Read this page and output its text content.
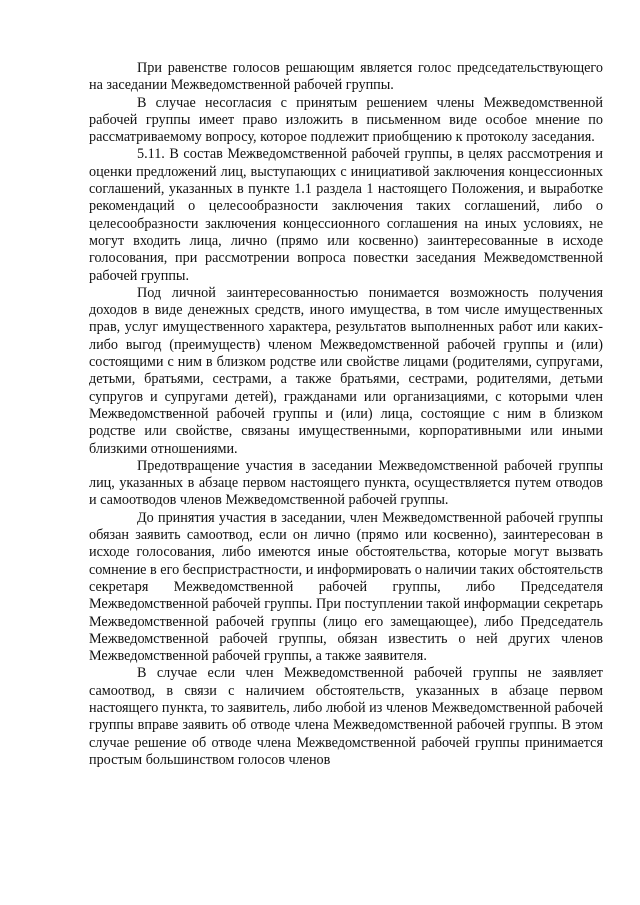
При равенстве голосов решающим является голос председательствующего на заседании Межведомственной рабочей группы.

В случае несогласия с принятым решением члены Межведомственной рабочей группы имеет право изложить в письменном виде особое мнение по рассматриваемому вопросу, которое подлежит приобщению к протоколу заседания.

5.11. В состав Межведомственной рабочей группы, в целях рассмотрения и оценки предложений лиц, выступающих с инициативой заключения концессионных соглашений, указанных в пункте 1.1 раздела 1 настоящего Положения, и выработке рекомендаций о целесообразности заключения таких соглашений, либо о целесообразности заключения концессионного соглашения на иных условиях, не могут входить лица, лично (прямо или косвенно) заинтересованные в исходе голосования, при рассмотрении вопроса повестки заседания Межведомственной рабочей группы.

Под личной заинтересованностью понимается возможность получения доходов в виде денежных средств, иного имущества, в том числе имущественных прав, услуг имущественного характера, результатов выполненных работ или каких-либо выгод (преимуществ) членом Межведомственной рабочей группы и (или) состоящими с ним в близком родстве или свойстве лицами (родителями, супругами, детьми, братьями, сестрами, а также братьями, сестрами, родителями, детьми супругов и супругами детей), гражданами или организациями, с которыми член Межведомственной рабочей группы и (или) лица, состоящие с ним в близком родстве или свойстве, связаны имущественными, корпоративными или иными близкими отношениями.

Предотвращение участия в заседании Межведомственной рабочей группы лиц, указанных в абзаце первом настоящего пункта, осуществляется путем отводов и самоотводов членов Межведомственной рабочей группы.

До принятия участия в заседании, член Межведомственной рабочей группы обязан заявить самоотвод, если он лично (прямо или косвенно), заинтересован в исходе голосования, либо имеются иные обстоятельства, которые могут вызвать сомнение в его беспристрастности, и информировать о наличии таких обстоятельств секретаря Межведомственной рабочей группы, либо Председателя Межведомственной рабочей группы. При поступлении такой информации секретарь Межведомственной рабочей группы (лицо его замещающее), либо Председатель Межведомственной рабочей группы, обязан известить о ней других членов Межведомственной рабочей группы, а также заявителя.

В случае если член Межведомственной рабочей группы не заявляет самоотвод, в связи с наличием обстоятельств, указанных в абзаце первом настоящего пункта, то заявитель, либо любой из членов Межведомственной рабочей группы вправе заявить об отводе члена Межведомственной рабочей группы. В этом случае решение об отводе члена Межведомственной рабочей группы принимается простым большинством голосов членов
